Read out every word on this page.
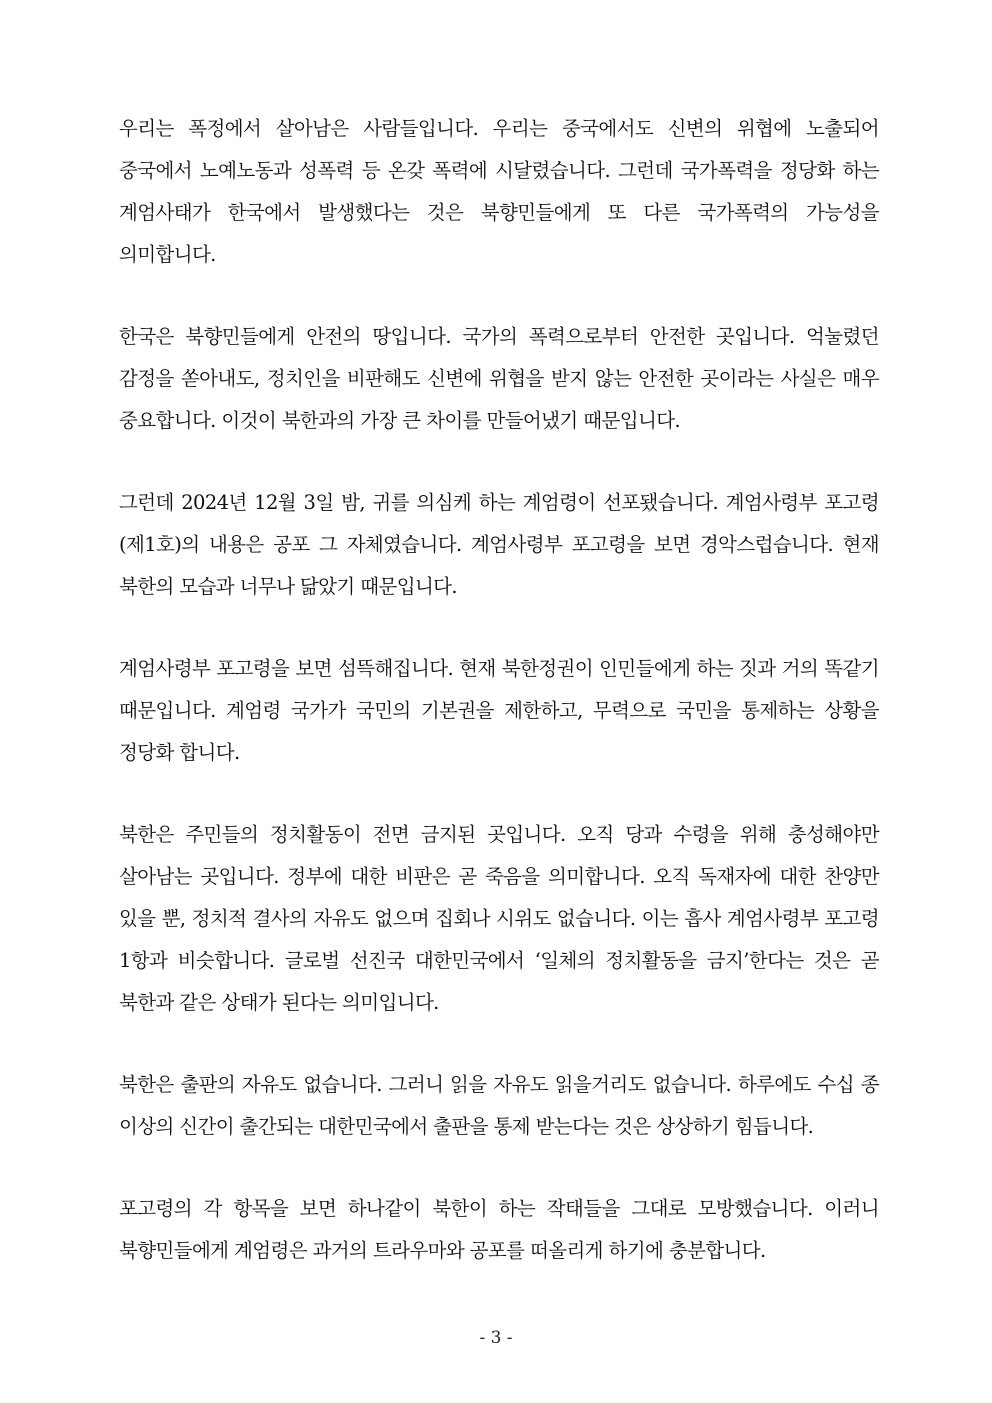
우리는 폭정에서 살아남은 사람들입니다. 우리는 중국에서도 신변의 위협에 노출되어 중국에서 노예노동과 성폭력 등 온갖 폭력에 시달렸습니다. 그런데 국가폭력을 정당화 하는 계엄사태가 한국에서 발생했다는 것은 북향민들에게 또 다른 국가폭력의 가능성을 의미합니다.

한국은 북향민들에게 안전의 땅입니다. 국가의 폭력으로부터 안전한 곳입니다. 억눌렸던 감정을 쏟아내도, 정치인을 비판해도 신변에 위협을 받지 않는 안전한 곳이라는 사실은 매우 중요합니다. 이것이 북한과의 가장 큰 차이를 만들어냈기 때문입니다.

그런데 2024년 12월 3일 밤, 귀를 의심케 하는 계엄령이 선포됐습니다. 계엄사령부 포고령(제1호)의 내용은 공포 그 자체였습니다. 계엄사령부 포고령을 보면 경악스럽습니다. 현재 북한의 모습과 너무나 닮았기 때문입니다.

계엄사령부 포고령을 보면 섬뜩해집니다. 현재 북한정권이 인민들에게 하는 짓과 거의 똑같기 때문입니다. 계엄령 국가가 국민의 기본권을 제한하고, 무력으로 국민을 통제하는 상황을 정당화 합니다.

북한은 주민들의 정치활동이 전면 금지된 곳입니다. 오직 당과 수령을 위해 충성해야만 살아남는 곳입니다. 정부에 대한 비판은 곧 죽음을 의미합니다. 오직 독재자에 대한 찬양만 있을 뿐, 정치적 결사의 자유도 없으며 집회나 시위도 없습니다. 이는 흡사 계엄사령부 포고령 1항과 비슷합니다. 글로벌 선진국 대한민국에서 ‘일체의 정치활동을 금지’한다는 것은 곧 북한과 같은 상태가 된다는 의미입니다.

북한은 출판의 자유도 없습니다. 그러니 읽을 자유도 읽을거리도 없습니다. 하루에도 수십 종 이상의 신간이 출간되는 대한민국에서 출판을 통제 받는다는 것은 상상하기 힘듭니다.

포고령의 각 항목을 보면 하나같이 북한이 하는 작태들을 그대로 모방했습니다. 이러니 북향민들에게 계엄령은 과거의 트라우마와 공포를 떠올리게 하기에 충분합니다.

- 3 -
